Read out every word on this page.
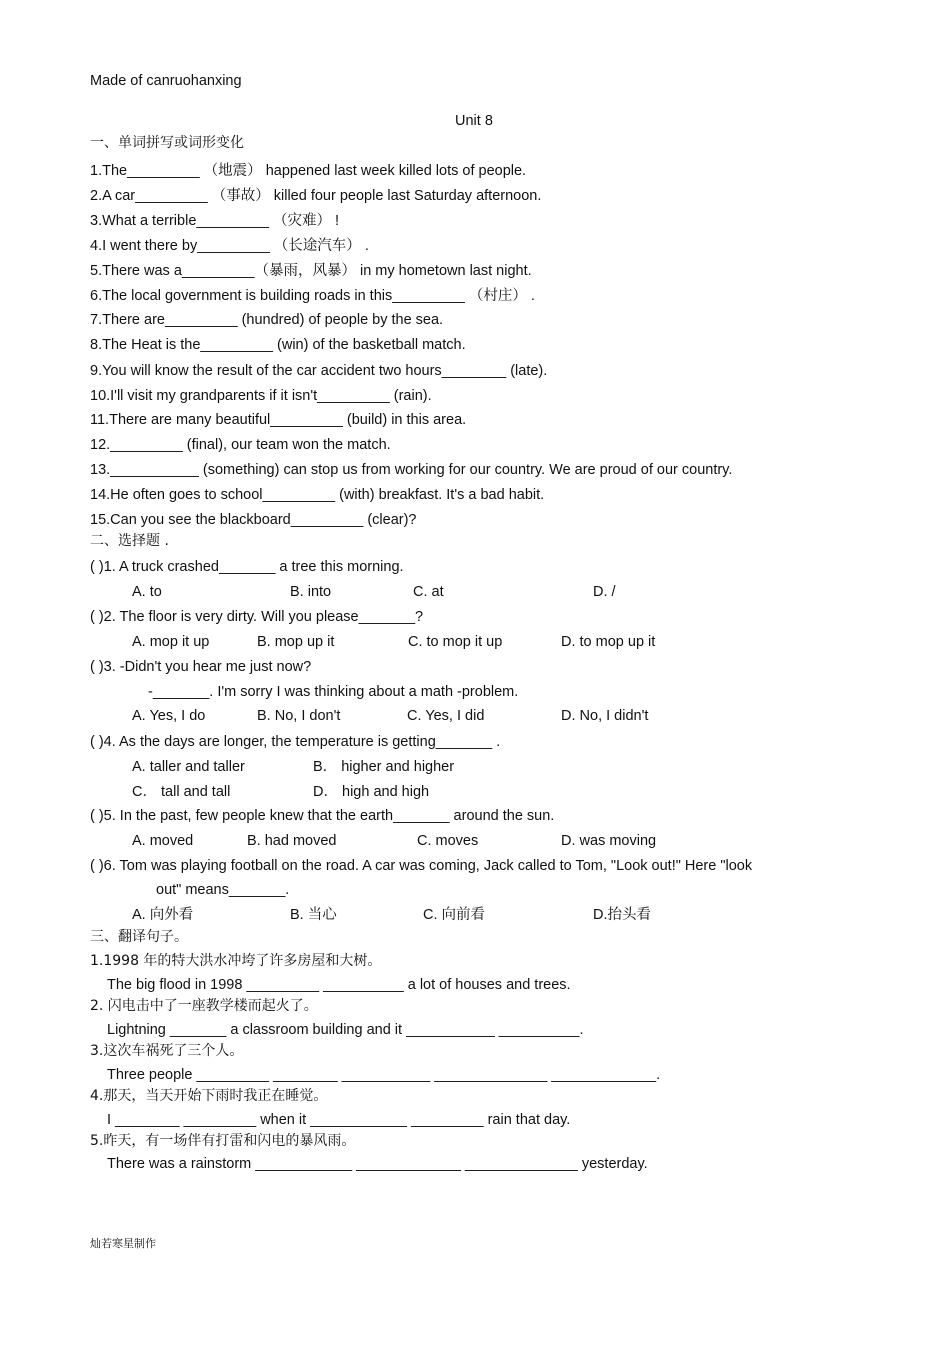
Made of canruohanxing
Unit 8
一、单词拼写或词形变化
1.The_________ （地震） happened last week killed lots of people.
2.A car_________ （事故） killed four people last Saturday afternoon.
3.What a terrible_________ （灾难） !
4.I went there by_________ （长途汽车） .
5.There was a_________（暴雨，风暴） in my hometown last night.
6.The local government is building roads in this_________ （村庄） .
7.There are_________ (hundred) of people by the sea.
8.The Heat is the_________ (win) of the basketball match.
9.You will know the result of the car accident two hours________ (late).
10.I'll visit my grandparents if it isn't_________ (rain).
11.There are many beautiful_________ (build) in this area.
12._________ (final), our team won the match.
13.___________ (something) can stop us from working for our country. We are proud of our country.
14.He often goes to school_________ (with) breakfast. It's a bad habit.
15.Can you see the blackboard_________ (clear)?
二、选择题 .
( )1. A truck crashed_______ a tree this morning.
A. to	B. into	C. at	D. /
( )2. The floor is very dirty. Will you please_______?
A. mop it up	B. mop up it	C. to mop it up	D. to mop up it
( )3. -Didn't you hear me just now?
-_______. I'm sorry I was thinking about a math -problem.
A. Yes, I do	B. No, I don't	C. Yes, I did	D. No, I didn't
( )4. As the days are longer, the temperature is getting_______ .
A. taller and taller	B． higher and higher
C． tall and tall	D． high and high
( )5. In the past, few people knew that the earth_______ around the sun.
A. moved	B. had moved	C. moves	D. was moving
( )6. Tom was playing football on the road. A car was coming, Jack called to Tom, "Look out!" Here "look
out" means_______.
A. 向外看	B. 当心	C. 向前看	D.抬头看
三、翻译句子。
1.1998 年的特大洪水冲垮了许多房屋和大树。
The big flood in 1998 _________ __________ a lot of houses and trees.
2. 闪电击中了一座教学楼而起火了。
Lightning _______ a classroom building and it ___________ __________.
3.这次车祸死了三个人。
Three people _________ ________ ___________ ______________ _____________.
4.那天，当天开始下雨时我正在睡觉。
I ________ _________ when it ____________ _________ rain that day.
5.昨天，有一场伴有打雷和闪电的暴风雨。
There was a rainstorm ____________ _____________ ______________ yesterday.
灿若寒星制作
